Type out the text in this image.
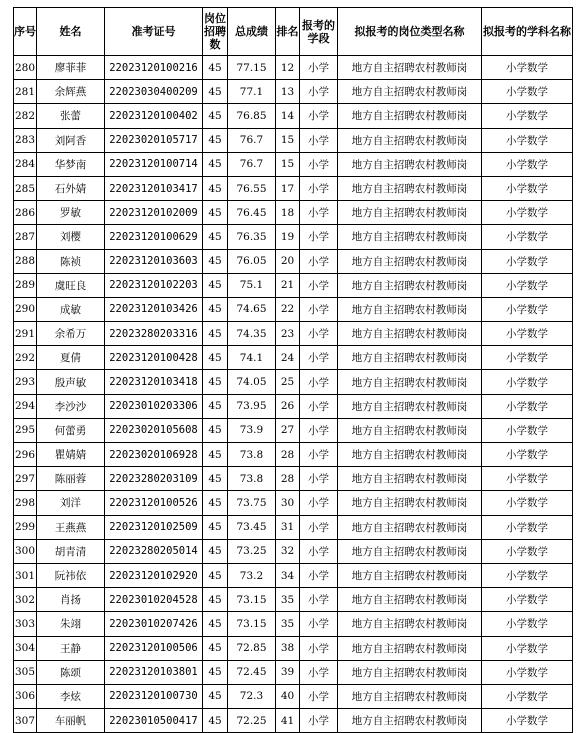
序号	姓名	准考证号	岗位招聘数	总成绩	排名	报考的学段	拟报考的岗位类型名称	拟报考的学科名称
280	廖菲菲	22023120100216	45	77.15	12	小学	地方自主招聘农村教师岗	小学数学
281	余辉燕	22023030400209	45	77.1	13	小学	地方自主招聘农村教师岗	小学数学
282	张蕾	22023120100402	45	76.85	14	小学	地方自主招聘农村教师岗	小学数学
283	刘阿香	22023020105717	45	76.7	15	小学	地方自主招聘农村教师岗	小学数学
284	华梦南	22023120100714	45	76.7	15	小学	地方自主招聘农村教师岗	小学数学
285	石外婧	22023120103417	45	76.55	17	小学	地方自主招聘农村教师岗	小学数学
286	罗敏	22023120102009	45	76.45	18	小学	地方自主招聘农村教师岗	小学数学
287	刘樱	22023120100629	45	76.35	19	小学	地方自主招聘农村教师岗	小学数学
288	陈祯	22023120103603	45	76.05	20	小学	地方自主招聘农村教师岗	小学数学
289	虞旺良	22023120102203	45	75.1	21	小学	地方自主招聘农村教师岗	小学数学
290	成敏	22023120103426	45	74.65	22	小学	地方自主招聘农村教师岗	小学数学
291	余希万	22023280203316	45	74.35	23	小学	地方自主招聘农村教师岗	小学数学
292	夏倩	22023120100428	45	74.1	24	小学	地方自主招聘农村教师岗	小学数学
293	殷声敏	22023120103418	45	74.05	25	小学	地方自主招聘农村教师岗	小学数学
294	李沙沙	22023010203306	45	73.95	26	小学	地方自主招聘农村教师岗	小学数学
295	何蕾勇	22023020105608	45	73.9	27	小学	地方自主招聘农村教师岗	小学数学
296	瞿婧婧	22023020106928	45	73.8	28	小学	地方自主招聘农村教师岗	小学数学
297	陈丽蓉	22023280203109	45	73.8	28	小学	地方自主招聘农村教师岗	小学数学
298	刘洋	22023120100526	45	73.75	30	小学	地方自主招聘农村教师岗	小学数学
299	王燕燕	22023120102509	45	73.45	31	小学	地方自主招聘农村教师岗	小学数学
300	胡青清	22023280205014	45	73.25	32	小学	地方自主招聘农村教师岗	小学数学
301	阮祎依	22023120102920	45	73.2	34	小学	地方自主招聘农村教师岗	小学数学
302	肖扬	22023010204528	45	73.15	35	小学	地方自主招聘农村教师岗	小学数学
303	朱翊	22023010207426	45	73.15	35	小学	地方自主招聘农村教师岗	小学数学
304	王静	22023120100506	45	72.85	38	小学	地方自主招聘农村教师岗	小学数学
305	陈颂	22023120103801	45	72.45	39	小学	地方自主招聘农村教师岗	小学数学
306	李炫	22023120100730	45	72.3	40	小学	地方自主招聘农村教师岗	小学数学
307	车丽帆	22023010500417	45	72.25	41	小学	地方自主招聘农村教师岗	小学数学
